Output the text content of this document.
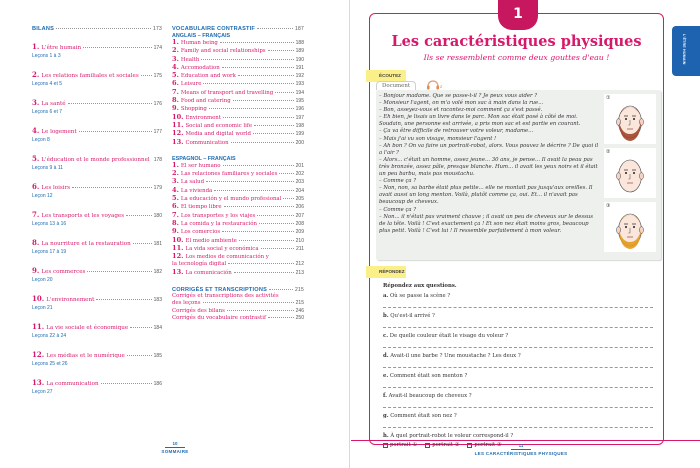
BILANS	173
1. L'être humain	174
Leçons 1 à 3
2. Les relations familiales et sociales	175
Leçons 4 et 5
3. La santé	176
Leçons 6 et 7
4. Le logement	177
Leçon 8
5. L'éducation et le monde professionnel 178
Leçons 9 à 11
6. Les loisirs	179
Leçon 12
7. Les transports et les voyages	180
Leçons 13 à 16
8. La nourriture et la restauration	181
Leçons 17 à 19
9. Les commerces	182
Leçon 20
10. L'environnement	183
Leçon 21
11. La vie sociale et économique	184
Leçons 22 à 24
12. Les médias et le numérique	185
Leçons 25 et 26
13. La communication	186
Leçon 27
VOCABULAIRE CONTRASTIF	187
ANGLAIS – FRANÇAIS
1. Human being	188
2. Family and social relationships	189
3. Health	190
4. Accomodation	191
5. Education and work	192
6. Leisure	193
7. Means of transport and travelling	194
8. Food and catering	195
9. Shopping	196
10. Environment	197
11. Social and economic life	198
12. Media and digital world	199
13. Communication	200
ESPAGNOL – FRANÇAIS
1. El ser humano	201
2. Las relaciones familiares y sociales	202
3. La salud	203
4. La vivienda	204
5. La educación y el mundo profesional	205
6. El tiempo libre	206
7. Los transportes y los viajes	207
8. La comida y la restauración	208
9. Los comercios	209
10. El medio ambiente	210
11. La vida social y económica	211
12. Los medios de comunicación y
la tecnología digital	212
13. La comunicación	213
CORRIGÉS ET TRANSCRIPTIONS	215
Corrigés et transcriptions des activités
des leçons	215
Corrigés des bilans	246
Corrigés du vocabulaire contrastif	250
10
SOMMAIRE
1
Les caractéristiques physiques
Ils se ressemblent comme deux gouttes d'eau !	L'ÊTRE HUMAIN
ÉCOUTEZ
Document	2

– Bonjour madame. Que se passe-t-il ? Je peux vous aider ?

– Monsieur l'agent, on m'a volé mon sac à main dans la rue...

– Bon, asseyez-vous et racontez-moi comment ça s'est passé.

– Eh bien, je lisais un livre dans le parc. Mon sac était posé à côté de moi. Soudain, une personne est arrivée, a pris mon sac et est partie en courant.

– Ça va être difficile de retrouver votre voleur, madame...

– Mais j'ai vu son visage, monsieur l'agent !

– Ah bon ? On va faire un portrait-robot, alors. Vous pouvez le décrire ? De quoi il a l'air ?

– Alors... c'était un homme, assez jeune... 30 ans, je pense... Il avait la peau pas très bronzée, assez pâle, presque blanche. Hum... il avait les yeux noirs et il était un peu barbu, mais pas moustachu.

– Comme ça ?

– Non, non, sa barbe était plus petite... elle ne montait pas jusqu'aux oreilles. Il avait aussi un long menton. Voilà, plutôt comme ça, oui. Et... il n'avait pas beaucoup de cheveux.

– Comme ça ?

– Non... il n'était pas vraiment chauve ; il avait un peu de cheveux sur le dessus de la tête. Voilà ! C'est exactement ça ! Et son nez était moins gros, beaucoup plus petit. Voilà ! C'est lui ! Il ressemble parfaitement à mon voleur.

①
②
③
RÉPONDEZ
Répondez aux questions.
a. Où se passe la scène ?
b. Qu'est-il arrivé ?
c. De quelle couleur était le visage du voleur ?
d. Avait-il une barbe ? Une moustache ? Les deux ?
e. Comment était son menton ?
f. Avait-il beaucoup de cheveux ?
g. Comment était son nez ?
h. À quel portrait-robot le voleur correspond-il ?
portrait ①	portrait ②	portrait ③	11
LES CARACTÉRISTIQUES PHYSIQUES
